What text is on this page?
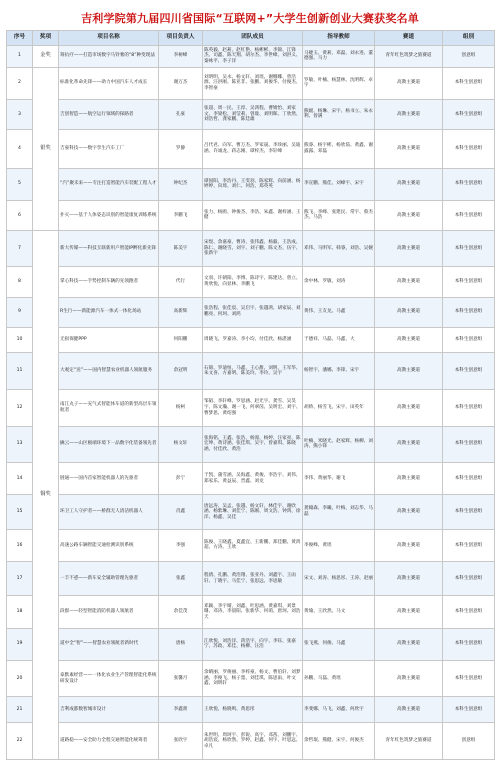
吉利学院第九届四川省国际“互联网+”大学生创新创业大赛获奖名单
序号	奖项	项目名称	项目负责人	团队成员	指导教师	赛道	组别
1	金奖	筹抗疗——打造市场数字马铃薯的“8”种变现法	李树峰	陈英毅、赵莉、赵红艳、杨彬彬、李锦、江锋杰、司鑫、陈天翔、胡尔杰、李世峰、刘洪义、秦咏平、李子洋	马婕玉、黄莉、邓磊、刘永进、董德强、马力	青年红色筑梦之旅赛道	创意组
2	银奖	标准化革命先锋——助力中国汽车人才成长	谢万杰	刘明明、吴永、杨文轩、刘瑶、谢娜娜、曾浩源、汪洪刚、陈亚非、张鹏、刘俊华、付俊杰、李智豪	罗敏、叶楠、杨慧林、沈明辉、卓宇	高教主赛道	本科生创意组
3		吉创智造——航空运行领域的探路者	孔豪	张超、周一民、王淳、吴鸿程、曹婧怡、刘家文、李梁松、刘莹莉、曾珑、刘明晖、丁欣然、刘浩哲、龚家鹏、陈廷雄	熊媛、杨琳、宋宇、杨书立、朱永利、曾满	高教主赛道	本科生创意组
4		吉豪科技——数字孪生汽车工厂	罗静	吕代君、向军、曹万杰、罗家晟、李珍丽、吴迪涵、许诚龙、蒋志刚、谭梓杰、李轩峰	熊睿、杨宇彬、杨欣茹、黄鑫、谢露露、邓磊	高教主赛道	本科生创意组
5		“汽”聚未来——专注打造智能汽车装配工程人才	钟纪杰	谭国阳、李浩丹、王雯羽、陈家辉、向前涵、杨婷婷、向琦、刘仁、何浩、郑英英	李宣鹏、熊佳、刘峰宇、宋宇	高教主赛道	本科生创意组
6		扑灭——基于人体姿态识别的智能康复训练系统	李鹏飞	张力、杨鸥、钟俊杰、李浩、朱鑫、谢梓涵、王健	熊飞、李峰、张建民、常宇、蔡杰杰、马浩	高教主赛道	本科生创意组
7	铜奖	新大传媒——科技互联新用户智能IP孵化新先锋	陈美宇	宋煜、余嘉豪、曹涛、张伟鑫、杨毅、王浩成、陈仁、谢晓雪、刘宇、刘子鹏、陈文杰、伍宇、张新宇	邓伟、马明军、韩睿、刘浩、吴婉	高教主赛道	本科生创意组
8		掌心科技——手势控制车辆的先领跑者	代行	文羽、许朝阳、李博、陈诗宇、陈建达、曾立、黄欣悦、向显林、李鹏飞	余中林、罗敏、刘涛	高教主赛道	本科生创意组
9		R生行——新能源汽车一体式一体化场站	高新辉	张浩程、张佳宸、吴启宇、张越鸿、胡家辰、刘鹏亮、何珂、刘鸿	黄伟、王友龙、马鑫	高教主赛道	本科生创意组
10		无损保健PPP	何阳鹏	周晓飞、罗嘉涛、李小均、付佳欣、杨湛涵	于德祥、马磊、马鑫、大	高教主赛道	本科生创意组
11		大观定“送”——国内智慧农业机器人领航服务	余冠明	石锦、罗迪恒、马鑫、王心甜、刘明、王军华、朱文喜、方嘉明、陈美玲、李玲、吴宇	杨智宇、潘娜、李锋、宋宇	高教主赛道	本科生创意组
12		南江丸子——充气式智能体车道的新型高层车领航者	杨柯	邹韬、李轩峰、罗思涵、赵光宇、龚雪、吴昊宇、陈文瀚、谢一飞、何翠茵、吴明宏、刘宇、曹梦思、黄绍强	胡娇、杨雪飞、宋宇、田英年	高教主赛道	本科生创意组
13		擒云——山区极端环境下一品数字化装备领先者	杨文轩	张海铭、王鑫、张浩、杨漫、杨婷、汪家亮、陈宏坤、黄诗涵、张佳琪、吴宇、曾嘉琪、陈晓涵、付佳欣、黄浩	叶楠、米晓光、赵家辉、杨柳、刘涛、熊小锋	高教主赛道	本科生创意组
14		链通——国内首家智能机器人的先驱者	彭宁	于凯、蒲雪涵、吴海鑫、黄俊、李浩宇、刘伟、郑家乐、黄益辰、晋鑫、刘龙	李伟、黄丽华、谢飞	高教主赛道	本科生创意组
15		环卫工人守护者——桥群无人清洁机器人	肖鑫	唐远涛、吴孟、张越、杨文轩、林佳宇、谢欣涵、杨紫琳、刘佳宁、陈刚、周文浩、钟鸿、徐洋、杨鑫、吴佳	龚翰森、李曦、叶梅、刘志华、马磊	高教主赛道	本科生创意组
16		高速公路车辆智能交通检测识别系统	李强	陈俊、王晓鑫、夏鑫宜、王新鹏、郑佳鹏、黄鸿超、方涛、王欣	李俊峰、黄瑶	高教主赛道	本科生创意组
17		一丰不惑——新车安全辅助管理先驱者	张鑫	程倩、孔鹏、黄浩翔、张亚丹、刘鑫宇、王雨轩、丁晓宇、马佳宁、张思远、李思敏	宋文、刘涛、杨思彤、王涛、赵丽	高教主赛道	本科生创意组
18		段群——轻型智能消防机器人领航者	余佳茂	邓颖、李宇晴、刘鑫、叶思涵、黄嘉琪、刘景珊、邓涛、李晨阳、张新华、何萌、唐珂、刘浩天	黄瑜、王欣然、马文	高教主赛道	本科生创意组
19		道中全“智”——智慧农业领航者新时代	唐杨	江欣悦、刘浩洋、蒋浩宇、向宇、李钰、张嘉宁、苏政、邓佳、杨柳、汪浩	张飞燕、何俊、马鑫	高教主赛道	本科生创意组
20		泰默素经营——一体化农业生产管理智能化系统研发设计	张馨月	余晴丽、罗俊丽、李梓豪、杨文、曹伯轩、刘梦涵、李俊飞、杨子墨、刘佳琪、陈思雨、叶文鑫、刘明轩	孙鹏、马磊、黄瑶	高教主赛道	本科生创意组
21		吉利成都数智城市设计	李鑫蕾	王欣悦、杨晓鸣、黄思彤	李斐娜、马飞、刘鑫、何欣宇	高教主赛道	本科生创意组
22		道路稳——安全助力全程交通智能化统筹者	张欣宇	朱世明、周珂宇、彭锐、高宇、邓茜、刘鹏宇、胡浩宸、杨欣然、罗婷、赵鑫、何宇、叶思远、卓凡	余哲珉、熊健、宋宇、何俊杰	青年红色筑梦之旅赛道	创意组
